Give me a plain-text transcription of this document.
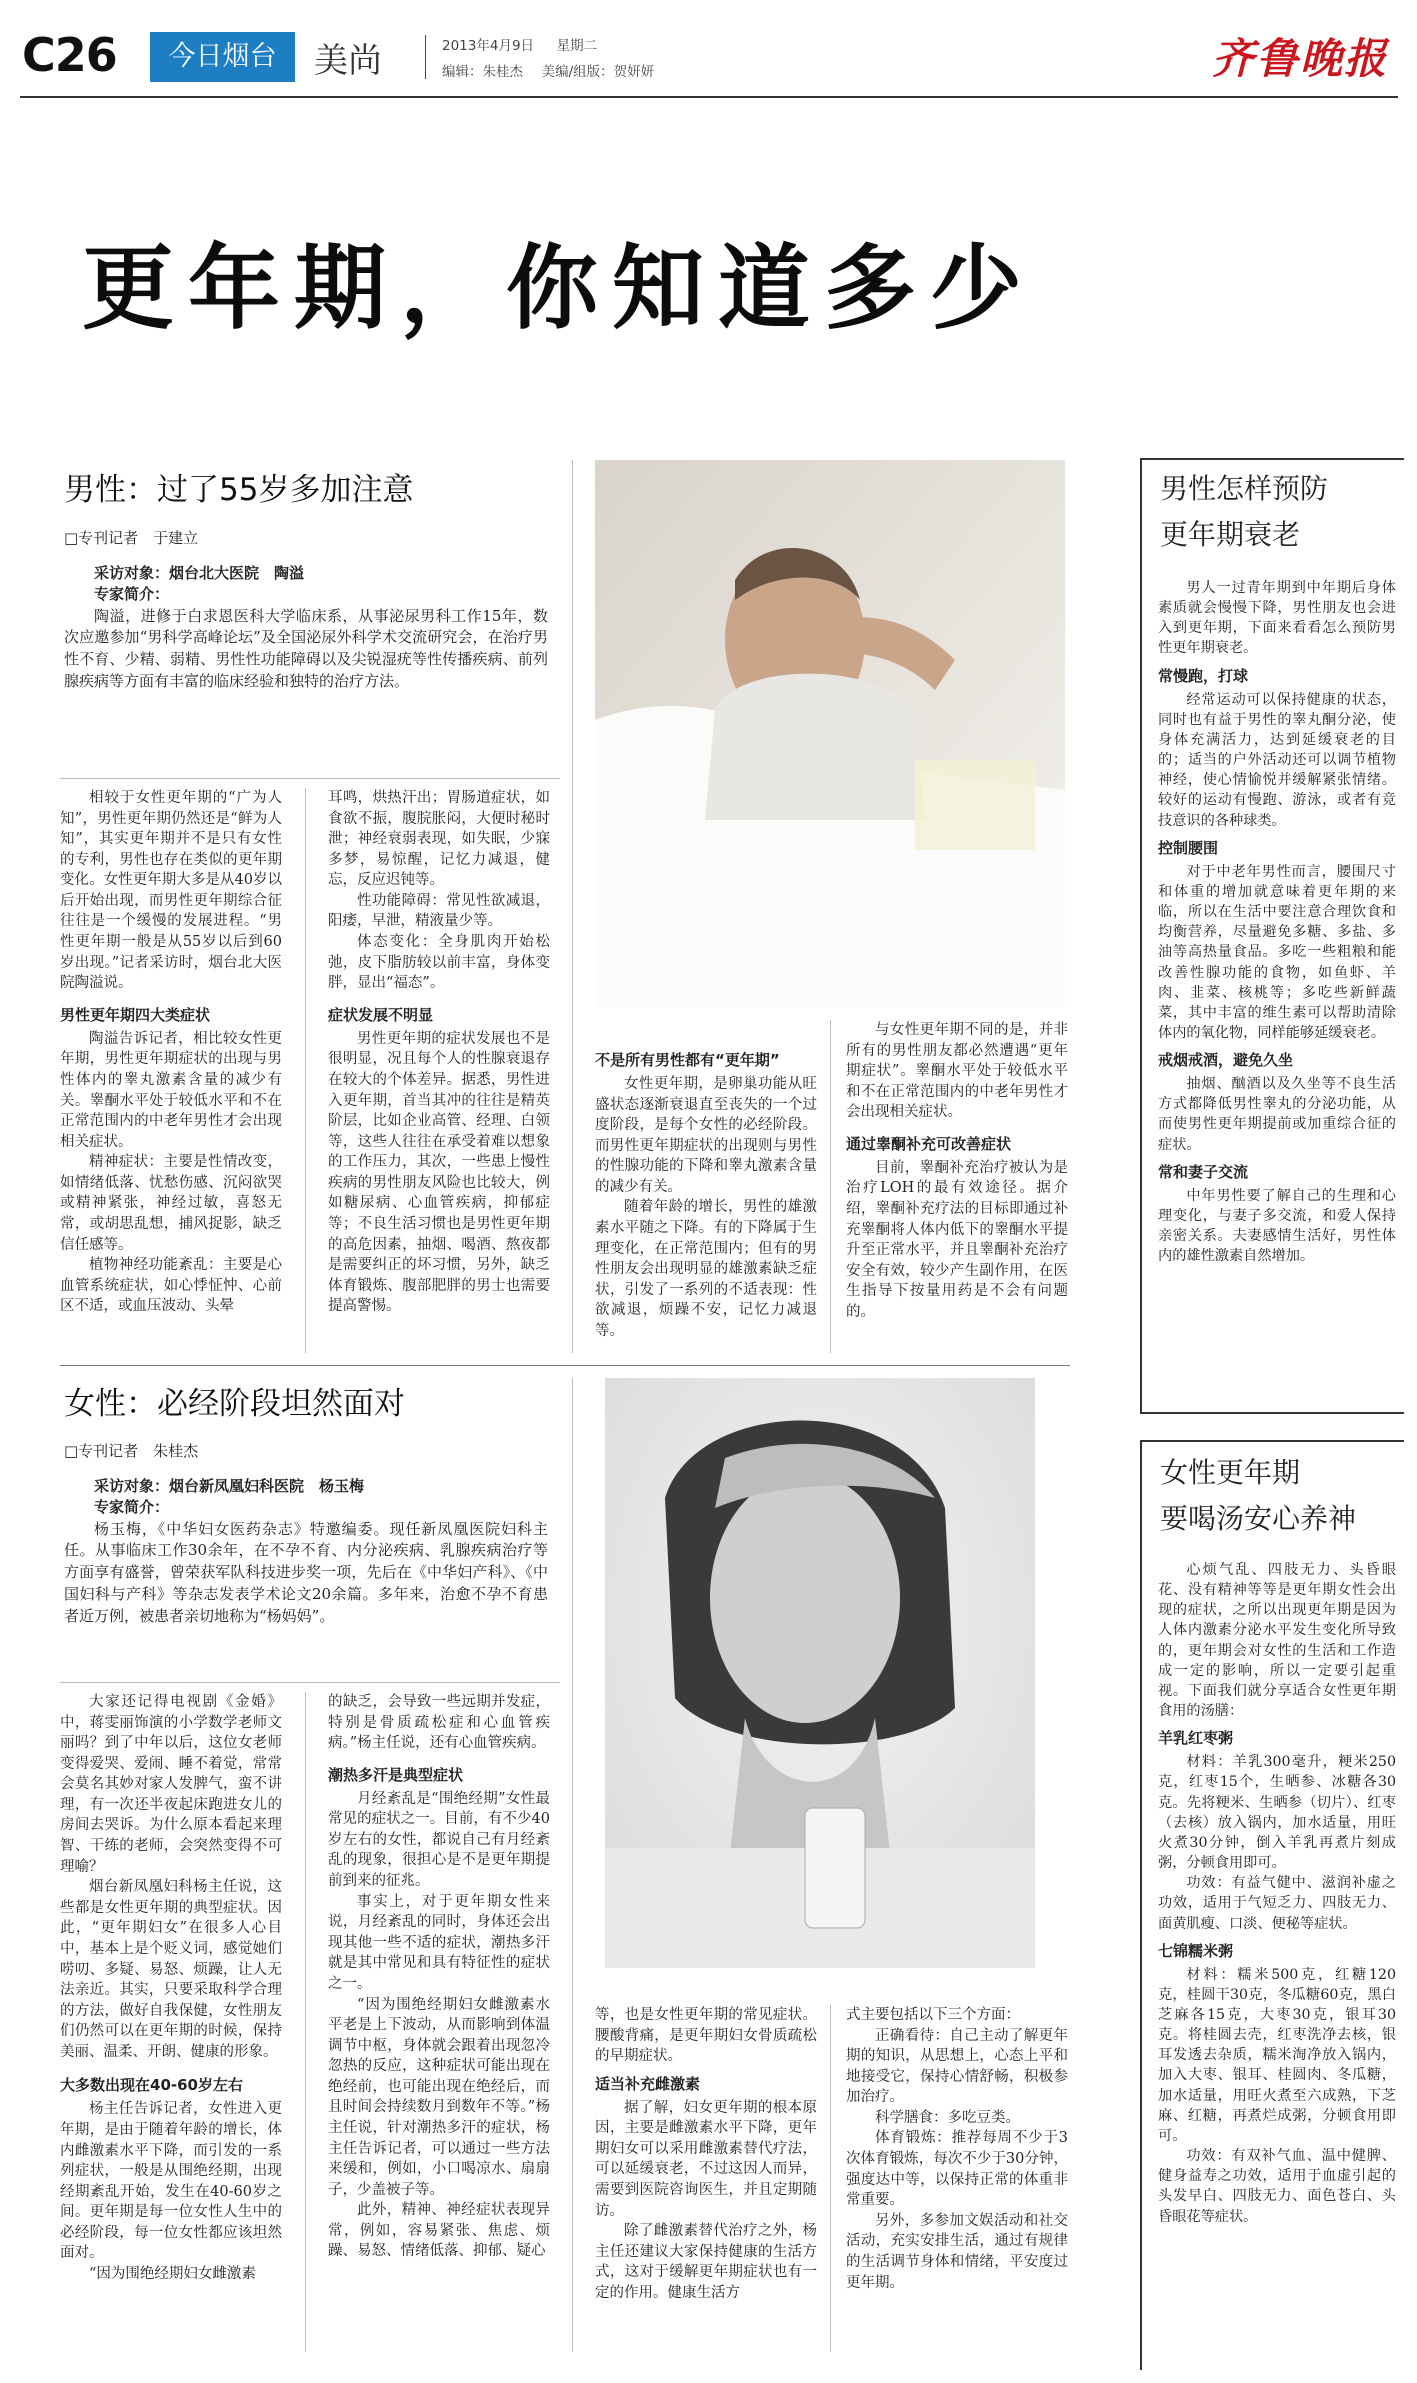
C26	今日烟台	美尚	2013年4月9日 星期二
编辑：朱桂杰 美编/组版：贺妍妍	齐鲁晚报
更年期，你知道多少
男性：过了55岁多加注意
□专刊记者　于建立

采访对象：烟台北大医院　陶溢

专家简介：

陶溢，进修于白求恩医科大学临床系，从事泌尿男科工作15年，数次应邀参加“男科学高峰论坛”及全国泌尿外科学术交流研究会，在治疗男性不育、少精、弱精、男性性功能障碍以及尖锐湿疣等性传播疾病、前列腺疾病等方面有丰富的临床经验和独特的治疗方法。

相较于女性更年期的“广为人知”，男性更年期仍然还是“鲜为人知”，其实更年期并不是只有女性的专利，男性也存在类似的更年期变化。女性更年期大多是从40岁以后开始出现，而男性更年期综合征往往是一个缓慢的发展进程。“男性更年期一般是从55岁以后到60岁出现。”记者采访时，烟台北大医院陶溢说。

男性更年期四大类症状

陶溢告诉记者，相比较女性更年期，男性更年期症状的出现与男性体内的睾丸激素含量的减少有关。睾酮水平处于较低水平和不在正常范围内的中老年男性才会出现相关症状。

精神症状：主要是性情改变，如情绪低落、忧愁伤感、沉闷欲哭或精神紧张，神经过敏，喜怒无常，或胡思乱想，捕风捉影，缺乏信任感等。

植物神经功能紊乱：主要是心血管系统症状，如心悸怔忡、心前区不适，或血压波动、头晕

耳鸣，烘热汗出；胃肠道症状，如食欲不振，腹脘胀闷，大便时秘时泄；神经衰弱表现，如失眠，少寐多梦，易惊醒，记忆力减退，健忘，反应迟钝等。

性功能障碍：常见性欲减退，阳痿，早泄，精液量少等。

体态变化：全身肌肉开始松弛，皮下脂肪较以前丰富，身体变胖，显出“福态”。

症状发展不明显

男性更年期的症状发展也不是很明显，况且每个人的性腺衰退存在较大的个体差异。据悉，男性进入更年期，首当其冲的往往是精英阶层，比如企业高管、经理、白领等，这些人往往在承受着难以想象的工作压力，其次，一些患上慢性疾病的男性朋友风险也比较大，例如糖尿病、心血管疾病，抑郁症等；不良生活习惯也是男性更年期的高危因素，抽烟、喝酒、熬夜都是需要纠正的坏习惯，另外，缺乏体育锻炼、腹部肥胖的男士也需要提高警惕。

不是所有男性都有“更年期”

女性更年期，是卵巢功能从旺盛状态逐渐衰退直至丧失的一个过度阶段，是每个女性的必经阶段。而男性更年期症状的出现则与男性的性腺功能的下降和睾丸激素含量的减少有关。

随着年龄的增长，男性的雄激素水平随之下降。有的下降属于生理变化，在正常范围内；但有的男性朋友会出现明显的雄激素缺乏症状，引发了一系列的不适表现：性欲减退，烦躁不安，记忆力减退等。

与女性更年期不同的是，并非所有的男性朋友都必然遭遇“更年期症状”。睾酮水平处于较低水平和不在正常范围内的中老年男性才会出现相关症状。

通过睾酮补充可改善症状

目前，睾酮补充治疗被认为是治疗LOH的最有效途径。据介绍，睾酮补充疗法的目标即通过补充睾酮将人体内低下的睾酮水平提升至正常水平，并且睾酮补充治疗安全有效，较少产生副作用，在医生指导下按量用药是不会有问题的。

女性：必经阶段坦然面对
□专刊记者　朱桂杰

采访对象：烟台新凤凰妇科医院　杨玉梅

专家简介：

杨玉梅，《中华妇女医药杂志》特邀编委。现任新凤凰医院妇科主任。从事临床工作30余年，在不孕不育、内分泌疾病、乳腺疾病治疗等方面享有盛誉，曾荣获军队科技进步奖一项，先后在《中华妇产科》、《中国妇科与产科》等杂志发表学术论文20余篇。多年来，治愈不孕不育患者近万例，被患者亲切地称为“杨妈妈”。

大家还记得电视剧《金婚》中，蒋雯丽饰演的小学数学老师文丽吗？到了中年以后，这位女老师变得爱哭、爱闹、睡不着觉，常常会莫名其妙对家人发脾气，蛮不讲理，有一次还半夜起床跑进女儿的房间去哭诉。为什么原本看起来理智、干练的老师，会突然变得不可理喻？

烟台新凤凰妇科杨主任说，这些都是女性更年期的典型症状。因此，“更年期妇女”在很多人心目中，基本上是个贬义词，感觉她们唠叨、多疑、易怒、烦躁，让人无法亲近。其实，只要采取科学合理的方法，做好自我保健，女性朋友们仍然可以在更年期的时候，保持美丽、温柔、开朗、健康的形象。

大多数出现在40-60岁左右

杨主任告诉记者，女性进入更年期，是由于随着年龄的增长，体内雌激素水平下降，而引发的一系列症状，一般是从围绝经期，出现经期紊乱开始，发生在40-60岁之间。更年期是每一位女性人生中的必经阶段，每一位女性都应该坦然面对。

“因为围绝经期妇女雌激素

的缺乏，会导致一些远期并发症，特别是骨质疏松症和心血管疾病。”杨主任说，还有心血管疾病。

潮热多汗是典型症状

月经紊乱是“围绝经期”女性最常见的症状之一。目前，有不少40岁左右的女性，都说自己有月经紊乱的现象，很担心是不是更年期提前到来的征兆。

事实上，对于更年期女性来说，月经紊乱的同时，身体还会出现其他一些不适的症状，潮热多汗就是其中常见和具有特征性的症状之一。

“因为围绝经期妇女雌激素水平老是上下波动，从而影响到体温调节中枢，身体就会跟着出现忽冷忽热的反应，这种症状可能出现在绝经前，也可能出现在绝经后，而且时间会持续数月到数年不等。”杨主任说，针对潮热多汗的症状，杨主任告诉记者，可以通过一些方法来缓和，例如，小口喝凉水、扇扇子，少盖被子等。

此外，精神、神经症状表现异常，例如，容易紧张、焦虑、烦躁、易怒、情绪低落、抑郁、疑心

等，也是女性更年期的常见症状。腰酸背痛，是更年期妇女骨质疏松的早期症状。

适当补充雌激素

据了解，妇女更年期的根本原因，主要是雌激素水平下降，更年期妇女可以采用雌激素替代疗法，可以延缓衰老，不过这因人而异，需要到医院咨询医生，并且定期随访。

除了雌激素替代治疗之外，杨主任还建议大家保持健康的生活方式，这对于缓解更年期症状也有一定的作用。健康生活方

式主要包括以下三个方面：

正确看待：自己主动了解更年期的知识，从思想上，心态上平和地接受它，保持心情舒畅，积极参加治疗。

科学膳食：多吃豆类。

体育锻炼：推荐每周不少于3次体育锻炼，每次不少于30分钟，强度达中等，以保持正常的体重非常重要。

另外，多参加文娱活动和社交活动，充实安排生活，通过有规律的生活调节身体和情绪，平安度过更年期。

男性怎样预防
更年期衰老

男人一过青年期到中年期后身体素质就会慢慢下降，男性朋友也会进入到更年期，下面来看看怎么预防男性更年期衰老。

常慢跑，打球

经常运动可以保持健康的状态，同时也有益于男性的睾丸酮分泌，使身体充满活力，达到延缓衰老的目的；适当的户外活动还可以调节植物神经，使心情愉悦并缓解紧张情绪。较好的运动有慢跑、游泳，或者有竞技意识的各种球类。

控制腰围

对于中老年男性而言，腰围尺寸和体重的增加就意味着更年期的来临，所以在生活中要注意合理饮食和均衡营养，尽量避免多糖、多盐、多油等高热量食品。多吃一些粗粮和能改善性腺功能的食物，如鱼虾、羊肉、韭菜、核桃等；多吃些新鲜蔬菜，其中丰富的维生素可以帮助清除体内的氧化物，同样能够延缓衰老。

戒烟戒酒，避免久坐

抽烟、酗酒以及久坐等不良生活方式都降低男性睾丸的分泌功能，从而使男性更年期提前或加重综合征的症状。

常和妻子交流

中年男性要了解自己的生理和心理变化，与妻子多交流，和爱人保持亲密关系。夫妻感情生活好，男性体内的雄性激素自然增加。

女性更年期
要喝汤安心养神

心烦气乱、四肢无力、头昏眼花、没有精神等等是更年期女性会出现的症状，之所以出现更年期是因为人体内激素分泌水平发生变化所导致的，更年期会对女性的生活和工作造成一定的影响，所以一定要引起重视。下面我们就分享适合女性更年期食用的汤膳：

羊乳红枣粥

材料：羊乳300毫升，粳米250克，红枣15个，生晒参、冰糖各30克。先将粳米、生晒参（切片）、红枣（去核）放入锅内，加水适量，用旺火煮30分钟，倒入羊乳再煮片刻成粥，分顿食用即可。

功效：有益气健中、滋润补虚之功效，适用于气短乏力、四肢无力、面黄肌瘦、口淡、便秘等症状。

七锦糯米粥

材料：糯米500克，红糖120克，桂圆干30克，冬瓜糖60克，黑白芝麻各15克，大枣30克，银耳30克。将桂圆去壳，红枣洗净去核，银耳发透去杂质，糯米淘净放入锅内，加入大枣、银耳、桂圆肉、冬瓜糖，加水适量，用旺火煮至六成熟，下芝麻、红糖，再煮烂成粥，分顿食用即可。

功效：有双补气血、温中健脾、健身益寿之功效，适用于血虚引起的头发早白、四肢无力、面色苍白、头昏眼花等症状。
